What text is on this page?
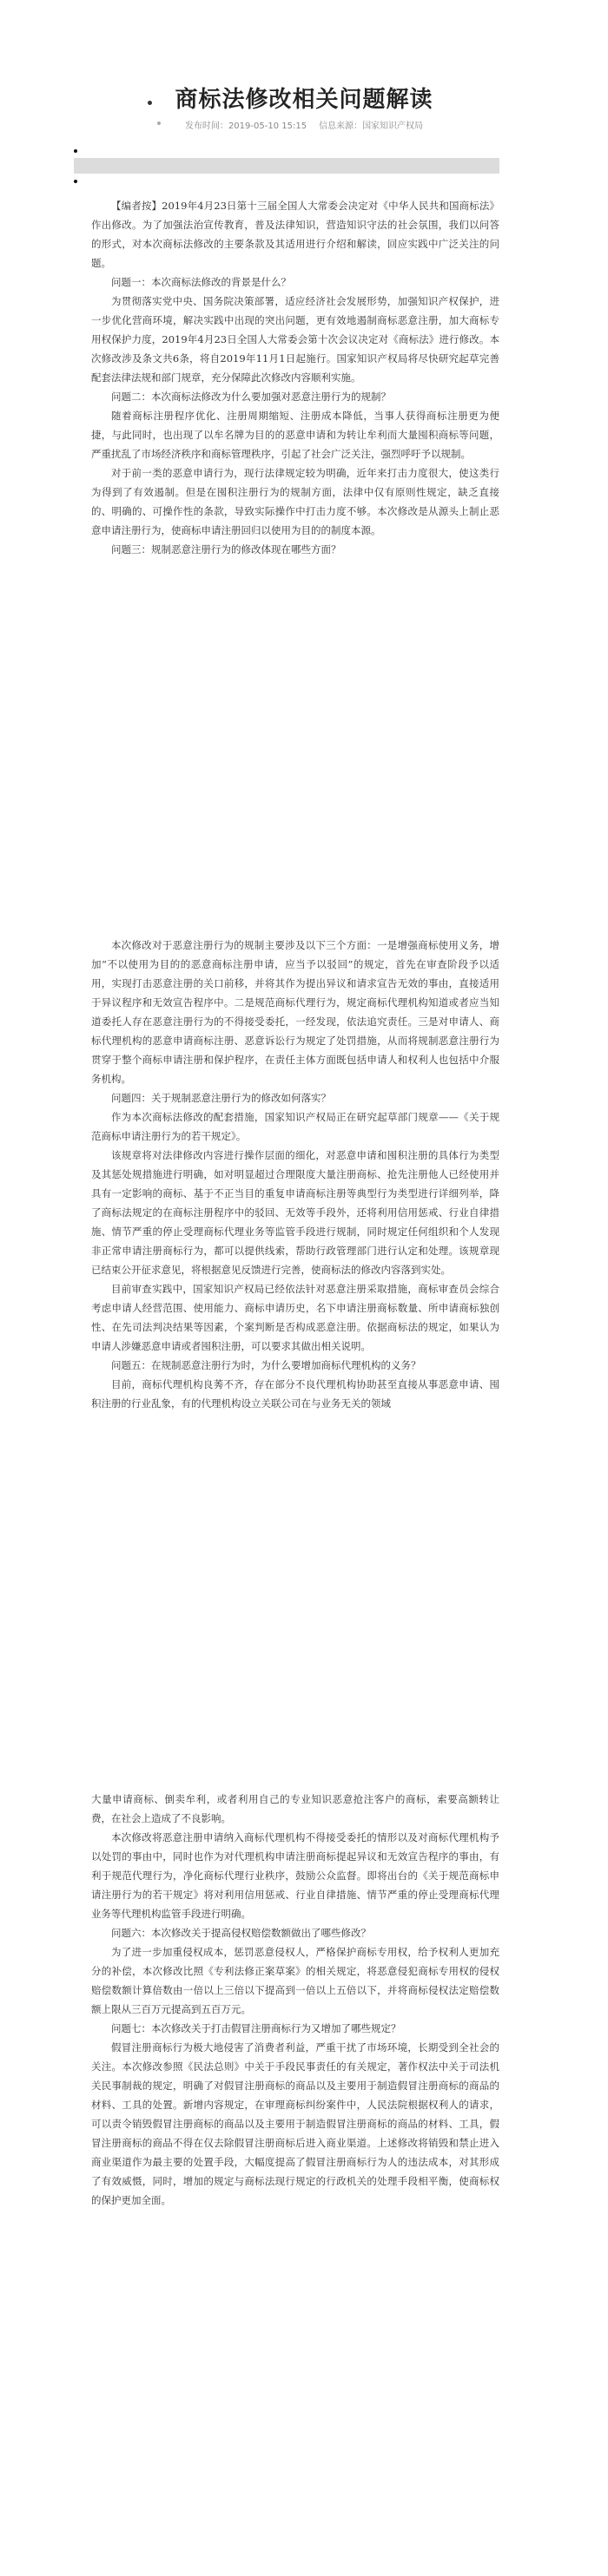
商标法修改相关问题解读
发布时间：2019-05-10 15:15 信息来源：国家知识产权局

【编者按】2019年4月23日第十三届全国人大常委会决定对《中华人民共和国商标法》作出修改。为了加强法治宣传教育，普及法律知识，营造知识守法的社会氛围，我们以问答的形式，对本次商标法修改的主要条款及其适用进行介绍和解读，回应实践中广泛关注的问题。

问题一：本次商标法修改的背景是什么？

为贯彻落实党中央、国务院决策部署，适应经济社会发展形势，加强知识产权保护，进一步优化营商环境，解决实践中出现的突出问题，更有效地遏制商标恶意注册，加大商标专用权保护力度，2019年4月23日全国人大常委会第十次会议决定对《商标法》进行修改。本次修改涉及条文共6条，将自2019年11月1日起施行。国家知识产权局将尽快研究起草完善配套法律法规和部门规章，充分保障此次修改内容顺利实施。

问题二：本次商标法修改为什么要加强对恶意注册行为的规制？

随着商标注册程序优化、注册周期缩短、注册成本降低，当事人获得商标注册更为便捷，与此同时，也出现了以牟名牌为目的的恶意申请和为转让牟利而大量囤积商标等问题，严重扰乱了市场经济秩序和商标管理秩序，引起了社会广泛关注，强烈呼吁予以规制。

对于前一类的恶意申请行为，现行法律规定较为明确，近年来打击力度很大，使这类行为得到了有效遏制。但是在囤积注册行为的规制方面，法律中仅有原则性规定，缺乏直接的、明确的、可操作性的条款，导致实际操作中打击力度不够。本次修改是从源头上制止恶意申请注册行为，使商标申请注册回归以使用为目的的制度本源。

问题三：规制恶意注册行为的修改体现在哪些方面？

本次修改对于恶意注册行为的规制主要涉及以下三个方面：一是增强商标使用义务，增加“不以使用为目的的恶意商标注册申请，应当予以驳回”的规定，首先在审查阶段予以适用，实现打击恶意注册的关口前移，并将其作为提出异议和请求宣告无效的事由，直接适用于异议程序和无效宣告程序中。二是规范商标代理行为，规定商标代理机构知道或者应当知道委托人存在恶意注册行为的不得接受委托，一经发现，依法追究责任。三是对申请人、商标代理机构的恶意申请商标注册、恶意诉讼行为规定了处罚措施，从而将规制恶意注册行为贯穿于整个商标申请注册和保护程序，在责任主体方面既包括申请人和权利人也包括中介服务机构。

问题四：关于规制恶意注册行为的修改如何落实？

作为本次商标法修改的配套措施，国家知识产权局正在研究起草部门规章——《关于规范商标申请注册行为的若干规定》。

该规章将对法律修改内容进行操作层面的细化，对恶意申请和囤积注册的具体行为类型及其惩处规措施进行明确，如对明显超过合理限度大量注册商标、抢先注册他人已经使用并具有一定影响的商标、基于不正当目的重复申请商标注册等典型行为类型进行详细列举，降了商标法规定的在商标注册程序中的驳回、无效等手段外，还将利用信用惩戒、行业自律措施、情节严重的停止受理商标代理业务等监管手段进行规制，同时规定任何组织和个人发现非正常申请注册商标行为，都可以提供线索，帮助行政管理部门进行认定和处理。该规章现已结束公开征求意见，将根据意见反馈进行完善，使商标法的修改内容落到实处。

目前审查实践中，国家知识产权局已经依法针对恶意注册采取措施，商标审查员会综合考虑申请人经营范围、使用能力、商标申请历史，名下申请注册商标数量、所申请商标独创性、在先司法判决结果等因素，个案判断是否构成恶意注册。依据商标法的规定，如果认为申请人涉嫌恶意申请或者囤积注册，可以要求其做出相关说明。

问题五：在规制恶意注册行为时，为什么要增加商标代理机构的义务？

目前，商标代理机构良莠不齐，存在部分不良代理机构协助甚至直接从事恶意申请、囤积注册的行业乱象，有的代理机构设立关联公司在与业务无关的领域

大量申请商标、倒卖牟利，或者利用自己的专业知识恶意抢注客户的商标，索要高额转让费，在社会上造成了不良影响。

本次修改将恶意注册申请纳入商标代理机构不得接受委托的情形以及对商标代理机构予以处罚的事由中，同时也作为对代理机构申请注册商标提起异议和无效宣告程序的事由，有利于规范代理行为，净化商标代理行业秩序，鼓励公众监督。即将出台的《关于规范商标申请注册行为的若干规定》将对利用信用惩戒、行业自律措施、情节严重的停止受理商标代理业务等代理机构监管手段进行明确。

问题六：本次修改关于提高侵权赔偿数额做出了哪些修改？

为了进一步加重侵权成本，惩罚恶意侵权人，严格保护商标专用权，给予权利人更加充分的补偿，本次修改比照《专利法修正案草案》的相关规定，将恶意侵犯商标专用权的侵权赔偿数额计算倍数由一倍以上三倍以下提高到一倍以上五倍以下，并将商标侵权法定赔偿数额上限从三百万元提高到五百万元。

问题七：本次修改关于打击假冒注册商标行为又增加了哪些规定？

假冒注册商标行为极大地侵害了消费者利益，严重干扰了市场环境，长期受到全社会的关注。本次修改参照《民法总则》中关于手段民事责任的有关规定，著作权法中关于司法机关民事制裁的规定，明确了对假冒注册商标的商品以及主要用于制造假冒注册商标的商品的材料、工具的处置。新增内容规定，在审理商标纠纷案件中，人民法院根据权利人的请求，可以责令销毁假冒注册商标的商品以及主要用于制造假冒注册商标的商品的材料、工具，假冒注册商标的商品不得在仅去除假冒注册商标后进入商业渠道。上述修改将销毁和禁止进入商业渠道作为最主要的处置手段，大幅度提高了假冒注册商标行为人的违法成本，对其形成了有效威慑，同时，增加的规定与商标法现行规定的行政机关的处理手段相平衡，使商标权的保护更加全面。
